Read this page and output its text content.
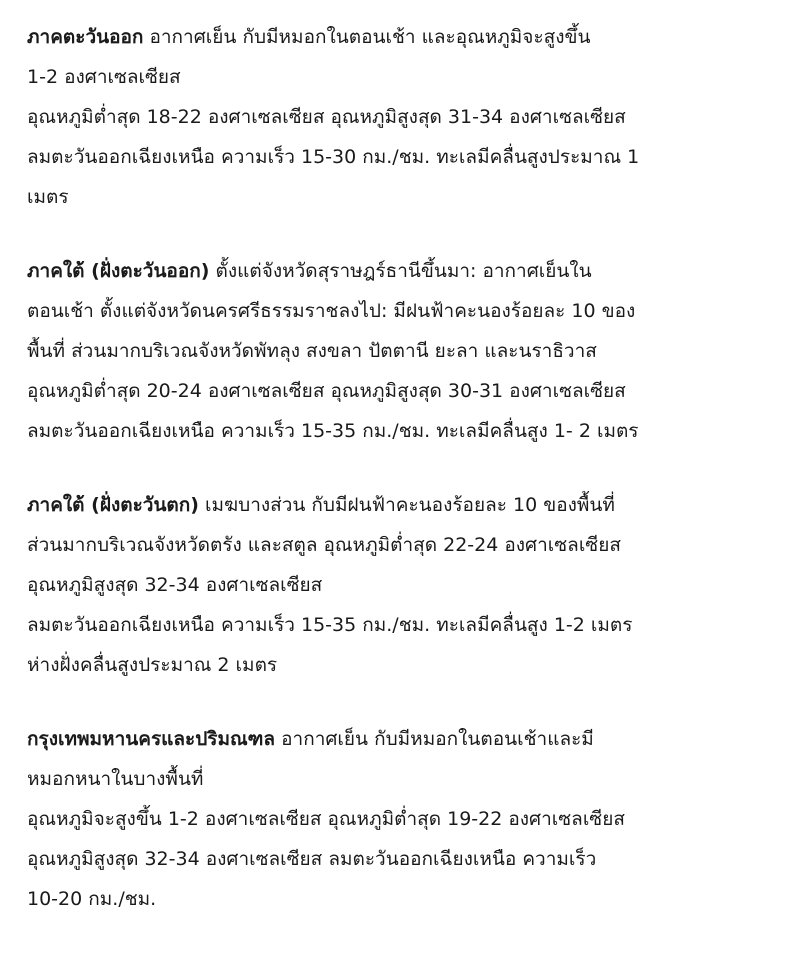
ภาคตะวันออก อากาศเย็น กับมีหมอกในตอนเช้า และอุณหภูมิจะสูงขึ้น
1-2 องศาเซลเซียส
อุณหภูมิต่ำสุด 18-22 องศาเซลเซียส อุณหภูมิสูงสุด 31-34 องศาเซลเซียส
ลมตะวันออกเฉียงเหนือ ความเร็ว 15-30 กม./ชม. ทะเลมีคลื่นสูงประมาณ 1
เมตร
ภาคใต้ (ฝั่งตะวันออก) ตั้งแต่จังหวัดสุราษฎร์ธานีขึ้นมา: อากาศเย็นใน
ตอนเช้า ตั้งแต่จังหวัดนครศรีธรรมราชลงไป: มีฝนฟ้าคะนองร้อยละ 10 ของ
พื้นที่ ส่วนมากบริเวณจังหวัดพัทลุง สงขลา ปัตตานี ยะลา และนราธิวาส
อุณหภูมิต่ำสุด 20-24 องศาเซลเซียส อุณหภูมิสูงสุด 30-31 องศาเซลเซียส
ลมตะวันออกเฉียงเหนือ ความเร็ว 15-35 กม./ชม. ทะเลมีคลื่นสูง 1- 2 เมตร
ภาคใต้ (ฝั่งตะวันตก) เมฆบางส่วน กับมีฝนฟ้าคะนองร้อยละ 10 ของพื้นที่
ส่วนมากบริเวณจังหวัดตรัง และสตูล อุณหภูมิต่ำสุด 22-24 องศาเซลเซียส
อุณหภูมิสูงสุด 32-34 องศาเซลเซียส
ลมตะวันออกเฉียงเหนือ ความเร็ว 15-35 กม./ชม. ทะเลมีคลื่นสูง 1-2 เมตร
ห่างฝั่งคลื่นสูงประมาณ 2 เมตร
กรุงเทพมหานครและปริมณฑล อากาศเย็น กับมีหมอกในตอนเช้าและมี
หมอกหนาในบางพื้นที่
อุณหภูมิจะสูงขึ้น 1-2 องศาเซลเซียส อุณหภูมิต่ำสุด 19-22 องศาเซลเซียส
อุณหภูมิสูงสุด 32-34 องศาเซลเซียส ลมตะวันออกเฉียงเหนือ ความเร็ว
10-20 กม./ชม.
